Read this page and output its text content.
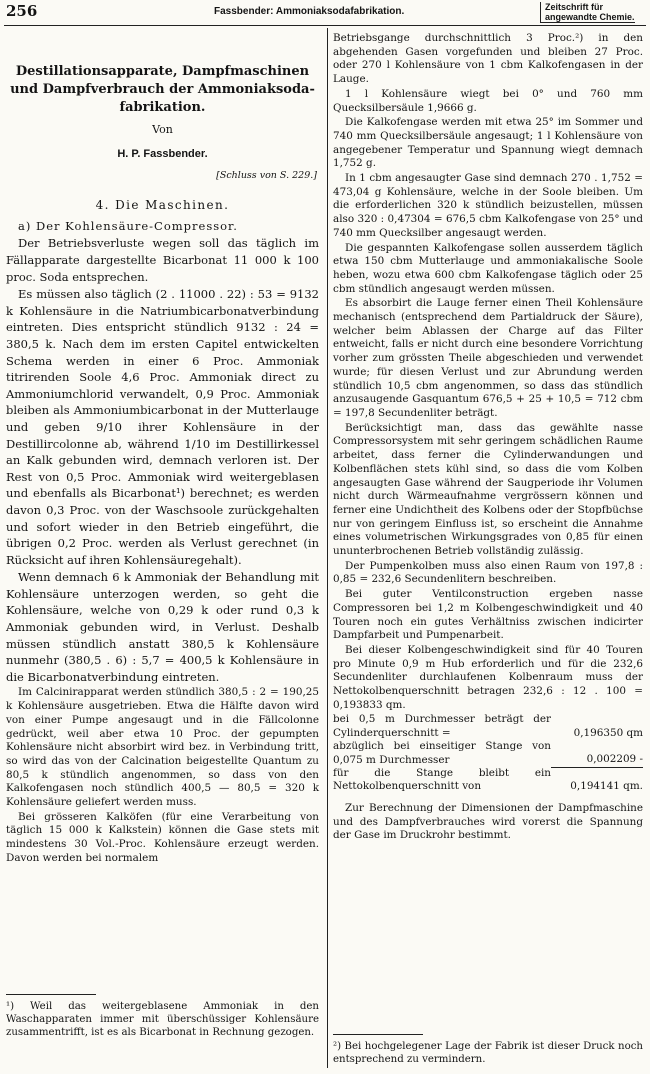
256	Fassbender: Ammoniaksodafabrikation.	Zeitschrift für
angewandte Chemie.
Destillationsapparate, Dampfmaschinen
und Dampfverbrauch der Ammoniaksoda-
fabrikation.
Von
H. P. Fassbender.
[Schluss von S. 229.]
4. Die Maschinen.

a) Der Kohlensäure-Compressor.

Der Betriebsverluste wegen soll das täglich im Fällapparate dargestellte Bicarbonat 11 000 k 100 proc. Soda entsprechen.

Es müssen also täglich (2 . 11000 . 22) : 53 = 9132 k Kohlensäure in die Natriumbicarbonatverbindung eintreten. Dies entspricht stündlich 9132 : 24 = 380,5 k. Nach dem im ersten Capitel entwickelten Schema werden in einer 6 Proc. Ammoniak titrirenden Soole 4,6 Proc. Ammoniak direct zu Ammoniumchlorid verwandelt, 0,9 Proc. Ammoniak bleiben als Ammoniumbicarbonat in der Mutterlauge und geben 9/10 ihrer Kohlensäure in der Destillircolonne ab, während 1/10 im Destillirkessel an Kalk gebunden wird, demnach verloren ist. Der Rest von 0,5 Proc. Ammoniak wird weitergeblasen und ebenfalls als Bicarbonat¹) berechnet; es werden davon 0,3 Proc. von der Waschsoole zurückgehalten und sofort wieder in den Betrieb eingeführt, die übrigen 0,2 Proc. werden als Verlust gerechnet (in Rücksicht auf ihren Kohlensäuregehalt).

Wenn demnach 6 k Ammoniak der Behandlung mit Kohlensäure unterzogen werden, so geht die Kohlensäure, welche von 0,29 k oder rund 0,3 k Ammoniak gebunden wird, in Verlust. Deshalb müssen stündlich anstatt 380,5 k Kohlensäure nunmehr (380,5 . 6) : 5,7 = 400,5 k Kohlensäure in die Bicarbonatverbindung eintreten.

Im Calcinirapparat werden stündlich 380,5 : 2 = 190,25 k Kohlensäure ausgetrieben. Etwa die Hälfte davon wird von einer Pumpe angesaugt und in die Fällcolonne gedrückt, weil aber etwa 10 Proc. der gepumpten Kohlensäure nicht absorbirt wird bez. in Verbindung tritt, so wird das von der Calcination beigestellte Quantum zu 80,5 k stündlich angenommen, so dass von den Kalkofengasen noch stündlich 400,5 — 80,5 = 320 k Kohlensäure geliefert werden muss.

Bei grösseren Kalköfen (für eine Verarbeitung von täglich 15 000 k Kalkstein) können die Gase stets mit mindestens 30 Vol.-Proc. Kohlensäure erzeugt werden. Davon werden bei normalem

¹) Weil das weitergeblasene Ammoniak in den Waschapparaten immer mit überschüssiger Kohlensäure zusammentrifft, ist es als Bicarbonat in Rechnung gezogen.

Betriebsgange durchschnittlich 3 Proc.²) in den abgehenden Gasen vorgefunden und bleiben 27 Proc. oder 270 l Kohlensäure von 1 cbm Kalkofengasen in der Lauge.

1 l Kohlensäure wiegt bei 0° und 760 mm Quecksilbersäule 1,9666 g.

Die Kalkofengase werden mit etwa 25° im Sommer und 740 mm Quecksilbersäule angesaugt; 1 l Kohlensäure von angegebener Temperatur und Spannung wiegt demnach 1,752 g.

In 1 cbm angesaugter Gase sind demnach 270 . 1,752 = 473,04 g Kohlensäure, welche in der Soole bleiben. Um die erforderlichen 320 k stündlich beizustellen, müssen also 320 : 0,47304 = 676,5 cbm Kalkofengase von 25° und 740 mm Quecksilber angesaugt werden.

Die gespannten Kalkofengase sollen ausserdem täglich etwa 150 cbm Mutterlauge und ammoniakalische Soole heben, wozu etwa 600 cbm Kalkofengase täglich oder 25 cbm stündlich angesaugt werden müssen.

Es absorbirt die Lauge ferner einen Theil Kohlensäure mechanisch (entsprechend dem Partialdruck der Säure), welcher beim Ablassen der Charge auf das Filter entweicht, falls er nicht durch eine besondere Vorrichtung vorher zum grössten Theile abgeschieden und verwendet wurde; für diesen Verlust und zur Abrundung werden stündlich 10,5 cbm angenommen, so dass das stündlich anzusaugende Gasquantum 676,5 + 25 + 10,5 = 712 cbm = 197,8 Secundenliter beträgt.

Berücksichtigt man, dass das gewählte nasse Compressorsystem mit sehr geringem schädlichen Raume arbeitet, dass ferner die Cylinderwandungen und Kolbenflächen stets kühl sind, so dass die vom Kolben angesaugten Gase während der Saugperiode ihr Volumen nicht durch Wärmeaufnahme vergrössern können und ferner eine Undichtheit des Kolbens oder der Stopfbüchse nur von geringem Einfluss ist, so erscheint die Annahme eines volumetrischen Wirkungsgrades von 0,85 für einen ununterbrochenen Betrieb vollständig zulässig.

Der Pumpenkolben muss also einen Raum von 197,8 : 0,85 = 232,6 Secundenlitern beschreiben.

Bei guter Ventilconstruction ergeben nasse Compressoren bei 1,2 m Kolbengeschwindigkeit und 40 Touren noch ein gutes Verhältniss zwischen indicirter Dampfarbeit und Pumpenarbeit.

Bei dieser Kolbengeschwindigkeit sind für 40 Touren pro Minute 0,9 m Hub erforderlich und für die 232,6 Secundenliter durchlaufenen Kolbenraum muss der Nettokolbenquerschnitt betragen 232,6 : 12 . 100 = 0,193833 qm.

bei 0,5 m Durchmesser beträgt der Cylinderquerschnitt =	0,196350 qm
abzüglich bei einseitiger Stange von 0,075 m Durchmesser	0,002209 -
für die Stange bleibt ein Nettokolbenquerschnitt von	0,194141 qm.

Zur Berechnung der Dimensionen der Dampfmaschine und des Dampfverbrauches wird vorerst die Spannung der Gase im Druckrohr bestimmt.

²) Bei hochgelegener Lage der Fabrik ist dieser Druck noch entsprechend zu vermindern.
